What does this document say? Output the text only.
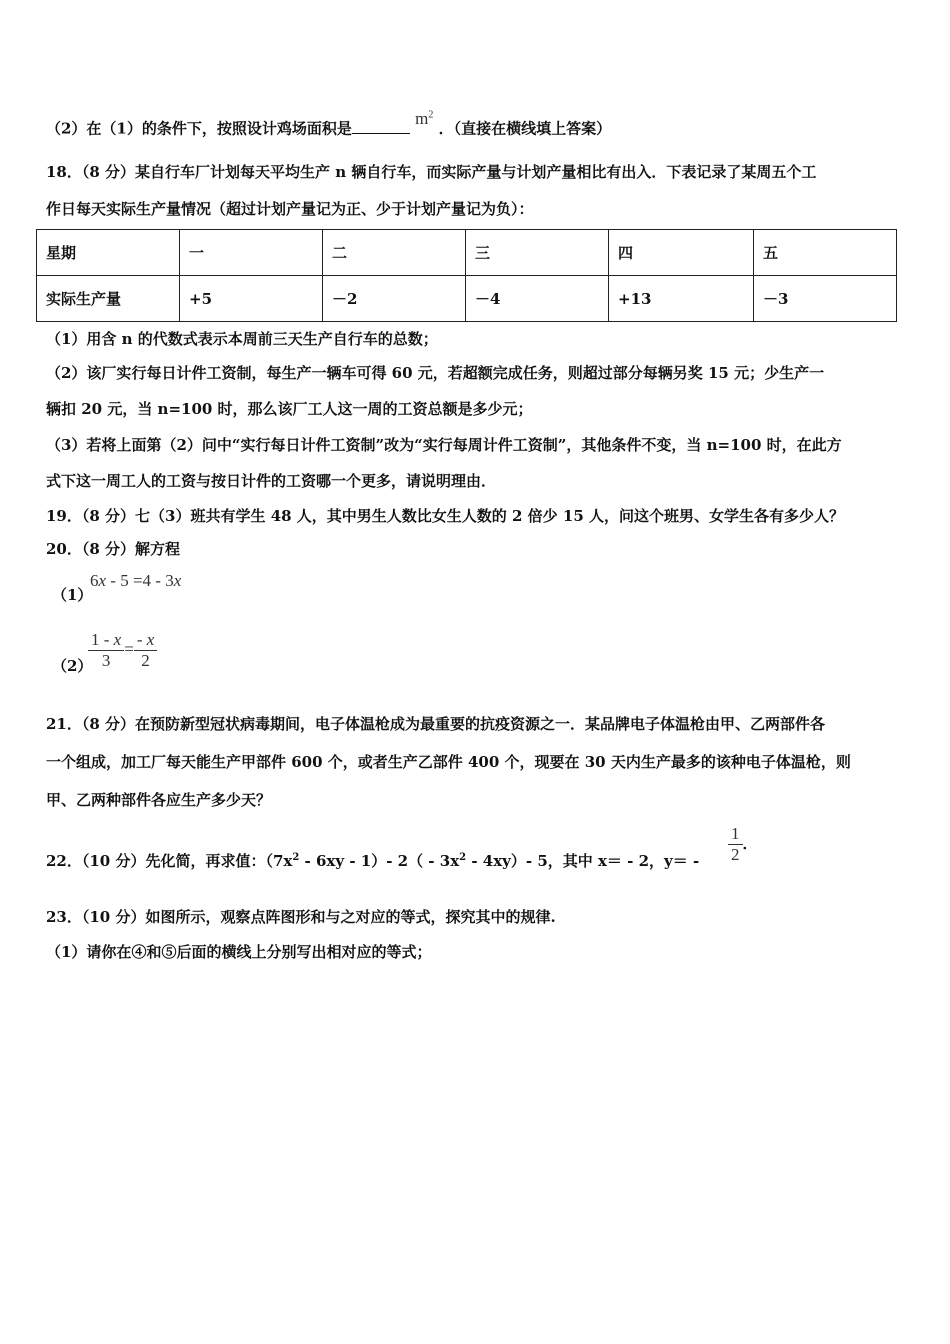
（2）在（1）的条件下，按照设计鸡场面积是 $m^2$ ．（直接在横线填上答案）
18．（8 分）某自行车厂计划每天平均生产 n 辆自行车，而实际产量与计划产量相比有出入．下表记录了某周五个工
作日每天实际生产量情况（超过计划产量记为正、少于计划产量记为负）：
星期	一	二	三	四	五
实际生产量	+5	－2	－4	+13	－3
（1）用含 n 的代数式表示本周前三天生产自行车的总数；
（2）该厂实行每日计件工资制，每生产一辆车可得 60 元，若超额完成任务，则超过部分每辆另奖 15 元；少生产一
辆扣 20 元，当 n=100 时，那么该厂工人这一周的工资总额是多少元；
（3）若将上面第（2）问中“实行每日计件工资制”改为“实行每周计件工资制”，其他条件不变，当 n=100 时，在此方
式下这一周工人的工资与按日计件的工资哪一个更多，请说明理由．
19．（8 分）七（3）班共有学生 48 人，其中男生人数比女生人数的 2 倍少 15 人，问这个班男、女学生各有多少人？
20．（8 分）解方程
6x - 5 =4 - 3x
（1）
（2）
$\frac{1 - x}{3} = \frac{- x}{2}$
21．（8 分）在预防新型冠状病毒期间，电子体温枪成为最重要的抗疫资源之一．某品牌电子体温枪由甲、乙两部件各
一个组成，加工厂每天能生产甲部件 600 个，或者生产乙部件 400 个，现要在 30 天内生产最多的该种电子体温枪，则
甲、乙两种部件各应生产多少天？
22．（10 分）先化简，再求值：$(7x^2 - 6xy - 1)-$ $2( - 3x^2 - 4xy)-$ 5，其中 x＝ - 2，$y= - \frac{1}{2}$ ．
23．（10 分）如图所示，观察点阵图形和与之对应的等式，探究其中的规律.
（1）请你在④和⑤后面的横线上分别写出相对应的等式；
